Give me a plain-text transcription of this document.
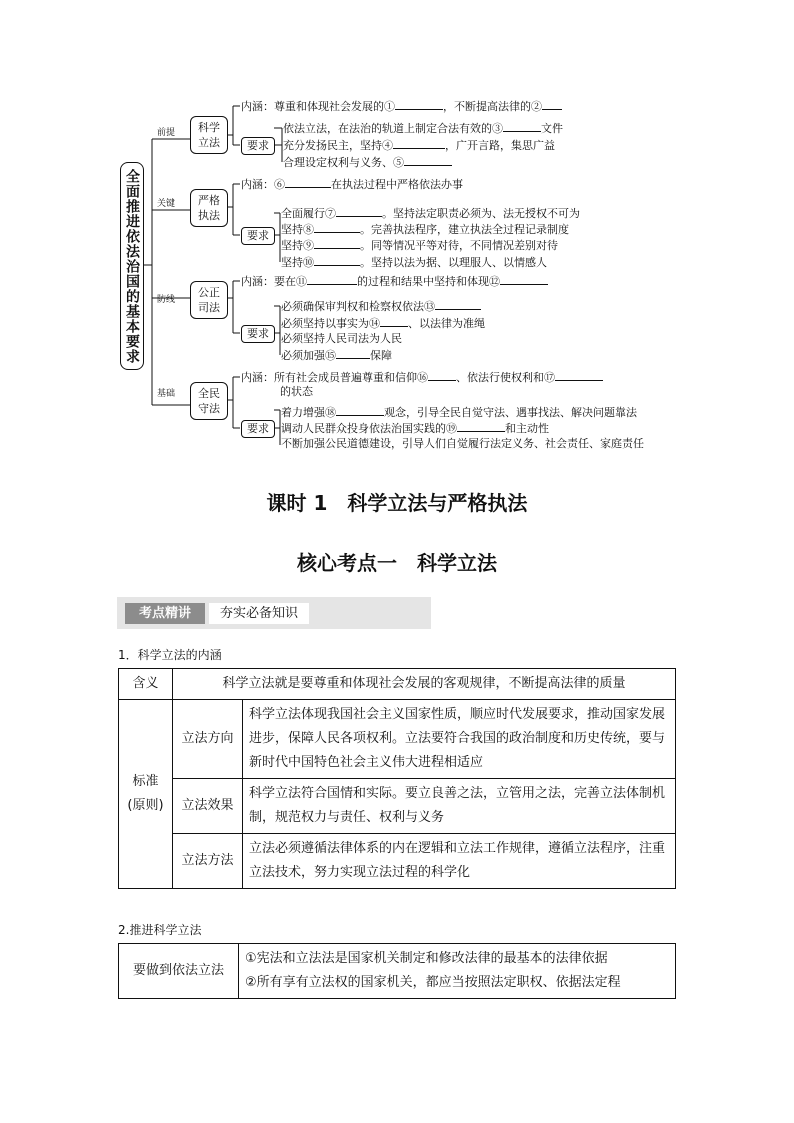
全面推进依法治国的基本要求
前提 科学立法
内涵：尊重和体现社会发展的①	，不断提高法律的②
要求
依法立法，在法治的轨道上制定合法有效的③	文件
充分发扬民主，坚持④	，广开言路，集思广益
合理设定权利与义务、⑤
关键 严格执法
内涵：⑥	在执法过程中严格依法办事
要求
全面履行⑦	。坚持法定职责必须为、法无授权不可为
坚持⑧	。完善执法程序，建立执法全过程记录制度
坚持⑨	。同等情况平等对待，不同情况差别对待
坚持⑩	。坚持以法为据、以理服人、以情感人
防线
公正司法
内涵：要在⑪	的过程和结果中坚持和体现⑫
要求
必须确保审判权和检察权依法⑬
必须坚持以事实为⑭	、以法律为准绳
必须坚持人民司法为人民
必须加强⑮	保障
基础 全民守法
内涵：所有社会成员普遍尊重和信仰⑯	、依法行使权利和⑰
的状态
要求
着力增强⑱	观念，引导全民自觉守法、遇事找法、解决问题靠法
调动人民群众投身依法治国实践的⑲	和主动性
不断加强公民道德建设，引导人们自觉履行法定义务、社会责任、家庭责任
课时 1　科学立法与严格执法
核心考点一　科学立法
考点精讲	夯实必备知识
1．科学立法的内涵
含义	科学立法就是要尊重和体现社会发展的客观规律，不断提高法律的质量	
标准
(原则)	立法方向	科学立法体现我国社会主义国家性质，顺应时代发展要求，推动国家发展进步，保障人民各项权利。立法要符合我国的政治制度和历史传统，要与新时代中国特色社会主义伟大进程相适应
	立法效果	科学立法符合国情和实际。要立良善之法，立管用之法，完善立法体制机制，规范权力与责任、权利与义务
	立法方法	立法必须遵循法律体系的内在逻辑和立法工作规律，遵循立法程序，注重立法技术，努力实现立法过程的科学化
2.推进科学立法
要做到依法立法	
①宪法和立法法是国家机关制定和修改法律的最基本的法律依据
②所有享有立法权的国家机关，都应当按照法定职权、依据法定程
